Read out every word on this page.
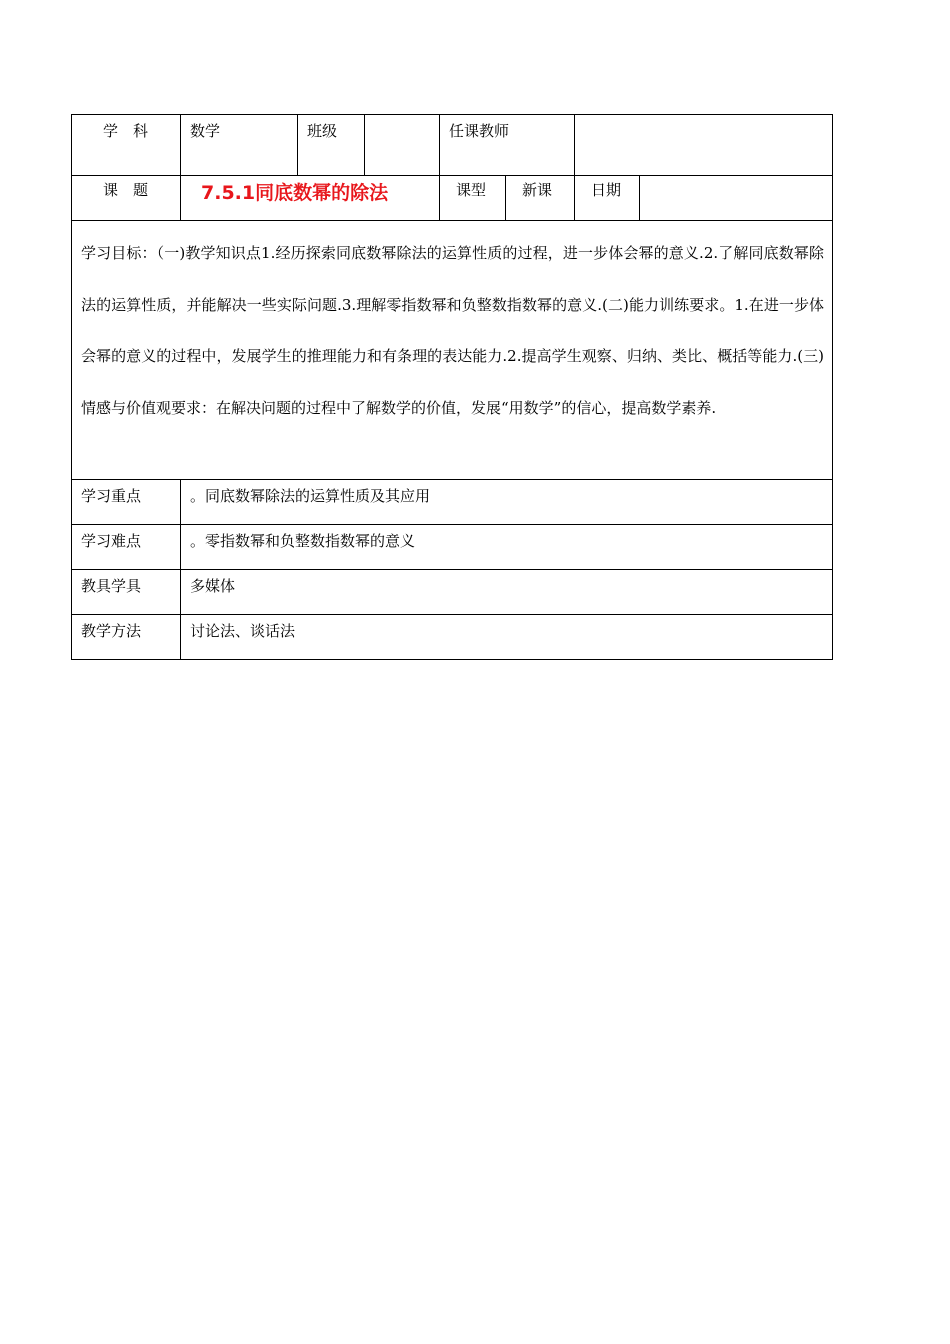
学　科	数学	班级		任课教师			

课　题	7.5.1同底数幂的除法			课型	新课	日期	

学习目标：（一)教学知识点1.经历探索同底数幂除法的运算性质的过程，进一步体会幂的意义.2.了解同底数幂除法的运算性质，并能解决一些实际问题.3.理解零指数幂和负整数指数幂的意义.(二)能力训练要求。1.在进一步体会幂的意义的过程中，发展学生的推理能力和有条理的表达能力.2.提高学生观察、归纳、类比、概括等能力.(三)情感与价值观要求：在解决问题的过程中了解数学的价值，发展“用数学”的信心，提高数学素养.							

学习重点	。同底数幂除法的运算性质及其应用						

学习难点	。零指数幂和负整数指数幂的意义						

教具学具	多媒体						

教学方法	讨论法、谈话法						
